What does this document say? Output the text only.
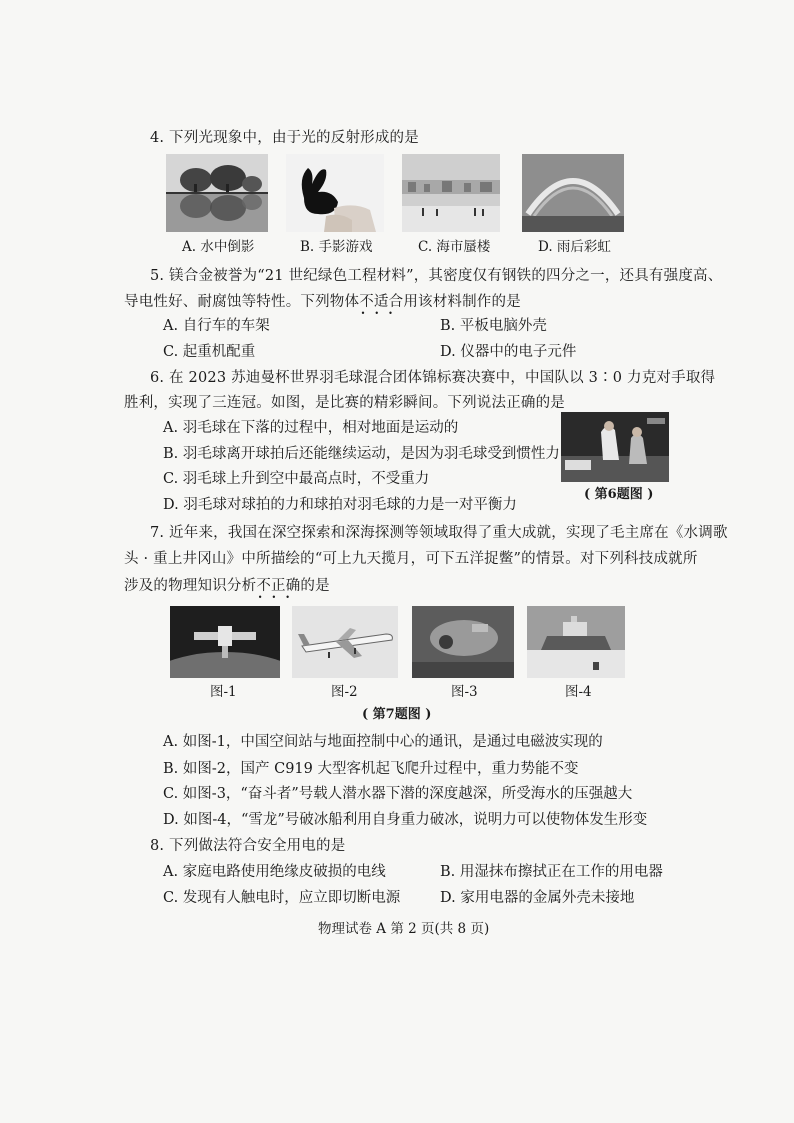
4. 下列光现象中，由于光的反射形成的是
A. 水中倒影	B. 手影游戏	C. 海市蜃楼	D. 雨后彩虹
5. 镁合金被誉为“21 世纪绿色工程材料”，其密度仅有钢铁的四分之一，还具有强度高、
导电性好、耐腐蚀等特性。下列物体不适合
•••
用该材料制作的是
A. 自行车的车架	B. 平板电脑外壳
C. 起重机配重	D. 仪器中的电子元件
6. 在 2023 苏迪曼杯世界羽毛球混合团体锦标赛决赛中，中国队以 3∶0 力克对手取得
胜利，实现了三连冠。如图，是比赛的精彩瞬间。下列说法正确的是
A. 羽毛球在下落的过程中，相对地面是运动的
B. 羽毛球离开球拍后还能继续运动，是因为羽毛球受到惯性力
C. 羽毛球上升到空中最高点时，不受重力
D. 羽毛球对球拍的力和球拍对羽毛球的力是一对平衡力
( 第6题图 )
7. 近年来，我国在深空探索和深海探测等领域取得了重大成就，实现了毛主席在《水调歌
头 · 重上井冈山》中所描绘的“可上九天揽月，可下五洋捉鳖”的情景。对下列科技成就所
涉及的物理知识分析不正确
•••
的是
图-1	图-2	图-3	图-4
( 第7题图 )
A. 如图-1，中国空间站与地面控制中心的通讯，是通过电磁波实现的
B. 如图-2，国产 C919 大型客机起飞爬升过程中，重力势能不变
C. 如图-3，“奋斗者”号载人潜水器下潜的深度越深，所受海水的压强越大
D. 如图-4，“雪龙”号破冰船利用自身重力破冰，说明力可以使物体发生形变
8. 下列做法符合安全用电的是
A. 家庭电路使用绝缘皮破损的电线	B. 用湿抹布擦拭正在工作的用电器
C. 发现有人触电时，应立即切断电源	D. 家用电器的金属外壳未接地
物理试卷 A 第 2 页(共 8 页)
